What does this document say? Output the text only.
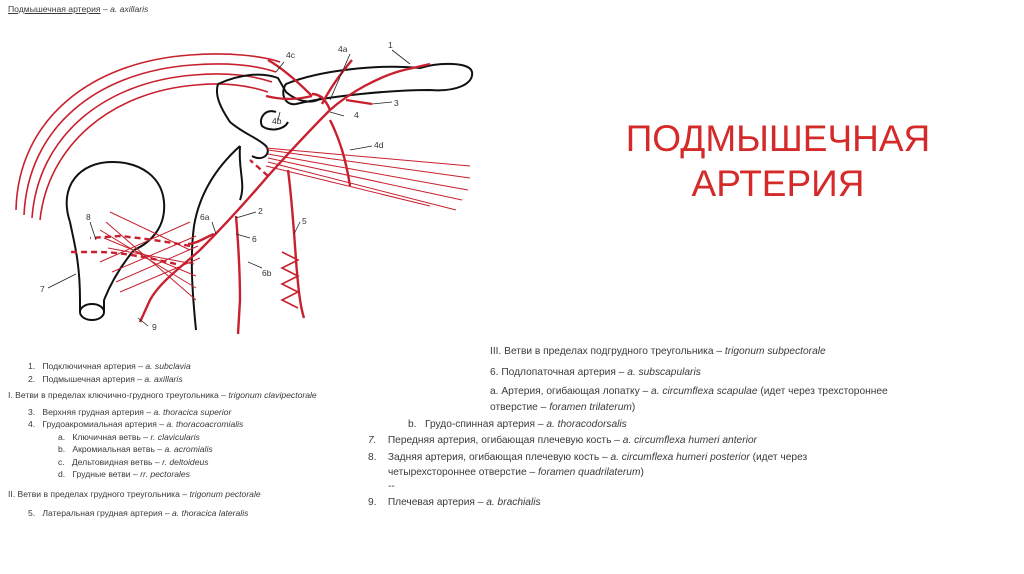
Подмышечная артерия – a. axillaris
1
4a
3
4
4b
4c
4d
2
6
6a	5
6b
7
8
9
ПОДМЫШЕЧНАЯ
АРТЕРИЯ
1. Подключичная артерия – a. subclavia
2. Подмышечная артерия – a. axillaris
I. Ветви в пределах ключично-грудного треугольника – trigonum clavipectorale
3. Верхняя грудная артерия – a. thoracica superior
4. Грудоакромиальная артерия – a. thoracoacromialis
a. Ключичная ветвь – r. clavicularis
b. Акромиальная ветвь – a. acromialis
c. Дельтовидная ветвь – r. deltoideus
d. Грудные ветви – rr. pectorales
II. Ветви в пределах грудного треугольника – trigonum pectorale
5. Латеральная грудная артерия – a. thoracica lateralis
III. Ветви в пределах подгрудного треугольника – trigonum subpectorale
6. Подлопаточная артерия – a. subscapularis
a. Артерия, огибающая лопатку – a. circumflexa scapulae (идет через трехстороннее
отверстие – foramen trilaterum)
b. Грудо-спинная артерия – a. thoracodorsalis
7. Передняя артерия, огибающая плечевую кость – a. circumflexa humeri anterior
8. Задняя артерия, огибающая плечевую кость – a. circumflexa humeri posterior (идет через
четырехстороннее отверстие – foramen quadrilaterum)
--
9. Плечевая артерия – a. brachialis
